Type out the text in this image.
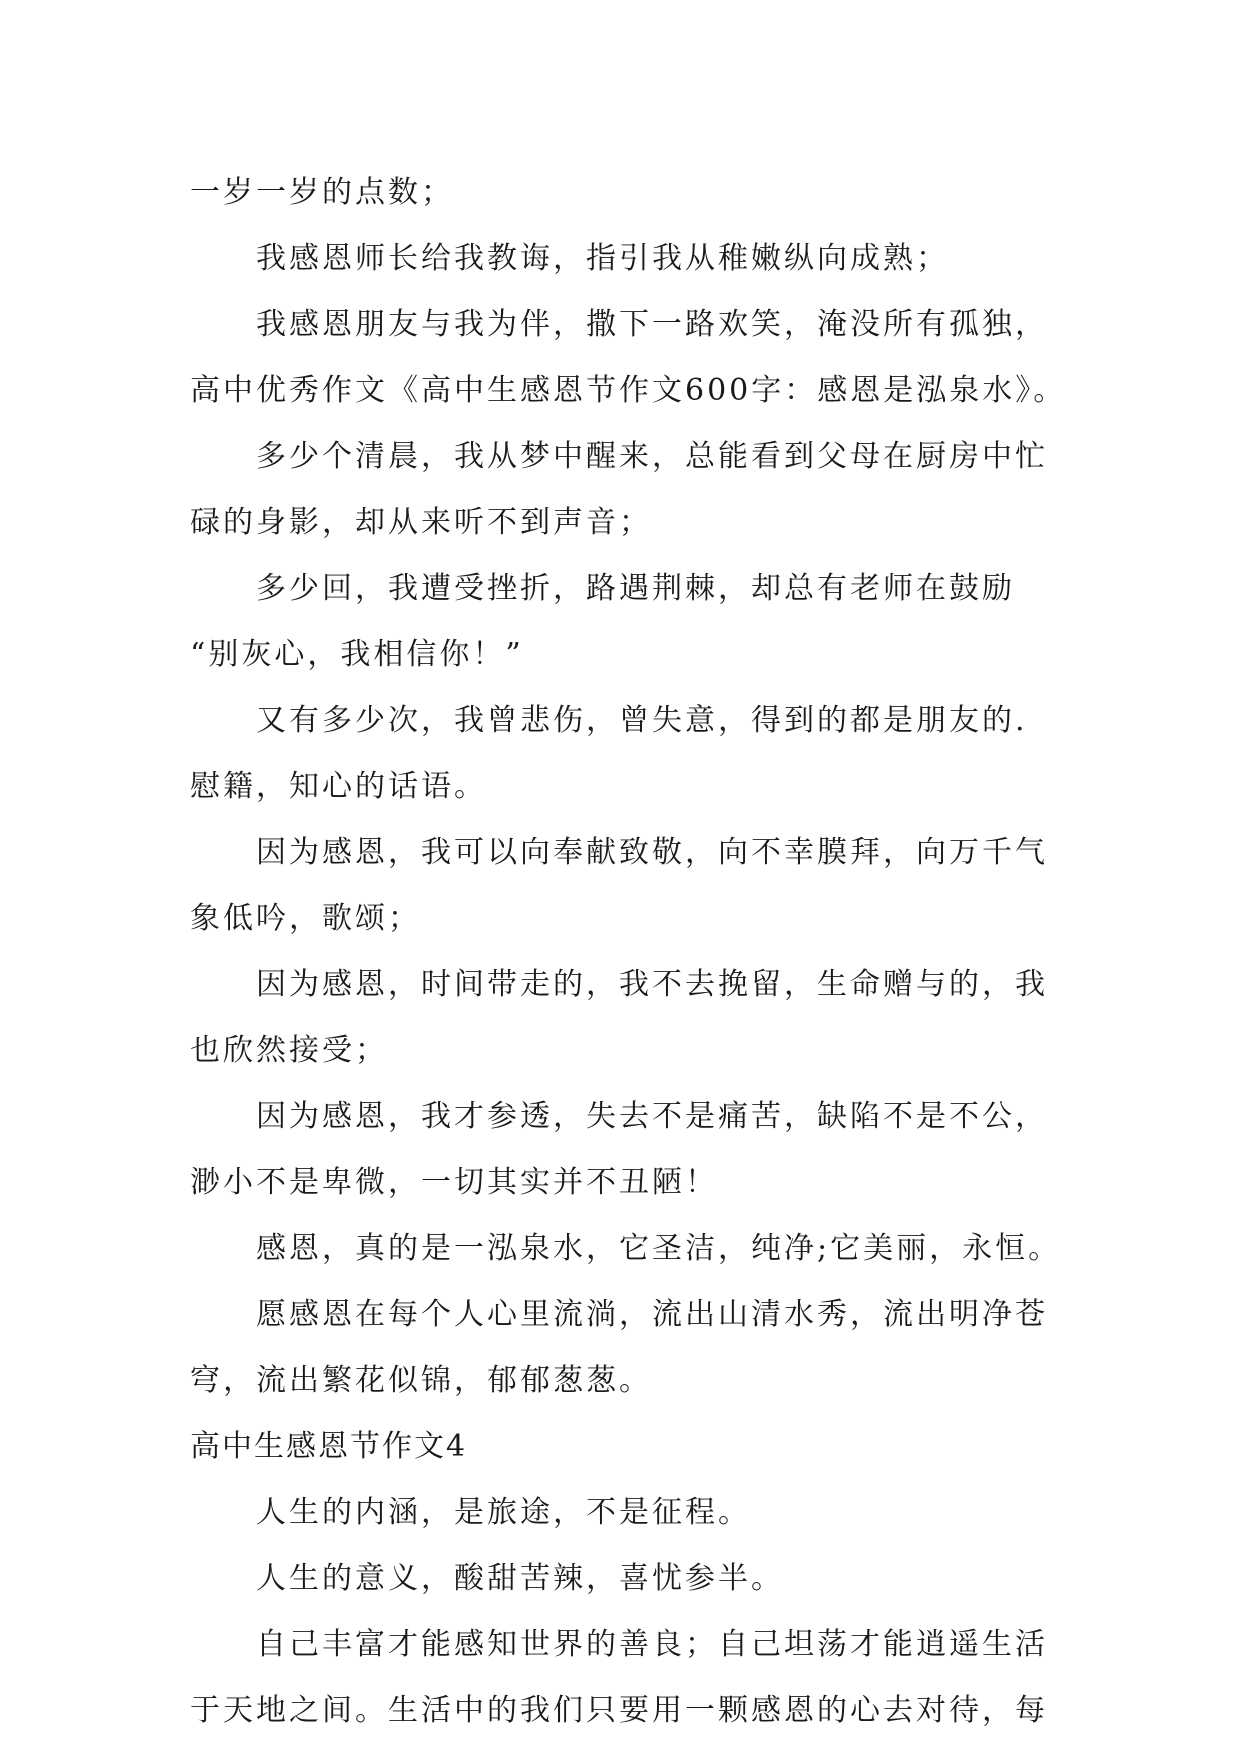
一岁一岁的点数；
我感恩师长给我教诲，指引我从稚嫩纵向成熟；
我感恩朋友与我为伴，撒下一路欢笑，淹没所有孤独，
高中优秀作文《高中生感恩节作文600字：感恩是泓泉水》。
多少个清晨，我从梦中醒来，总能看到父母在厨房中忙
碌的身影，却从来听不到声音；
多少回，我遭受挫折，路遇荆棘，却总有老师在鼓励
“别灰心，我相信你！”
又有多少次，我曾悲伤，曾失意，得到的都是朋友的.
慰籍，知心的话语。
因为感恩，我可以向奉献致敬，向不幸膜拜，向万千气
象低吟，歌颂；
因为感恩，时间带走的，我不去挽留，生命赠与的，我
也欣然接受；
因为感恩，我才参透，失去不是痛苦，缺陷不是不公，
渺小不是卑微，一切其实并不丑陋！
感恩，真的是一泓泉水，它圣洁，纯净;它美丽，永恒。
愿感恩在每个人心里流淌，流出山清水秀，流出明净苍
穹，流出繁花似锦，郁郁葱葱。
高中生感恩节作文4
人生的内涵，是旅途，不是征程。
人生的意义，酸甜苦辣，喜忧参半。
自己丰富才能感知世界的善良；自己坦荡才能逍遥生活
于天地之间。生活中的我们只要用一颗感恩的心去对待，每
